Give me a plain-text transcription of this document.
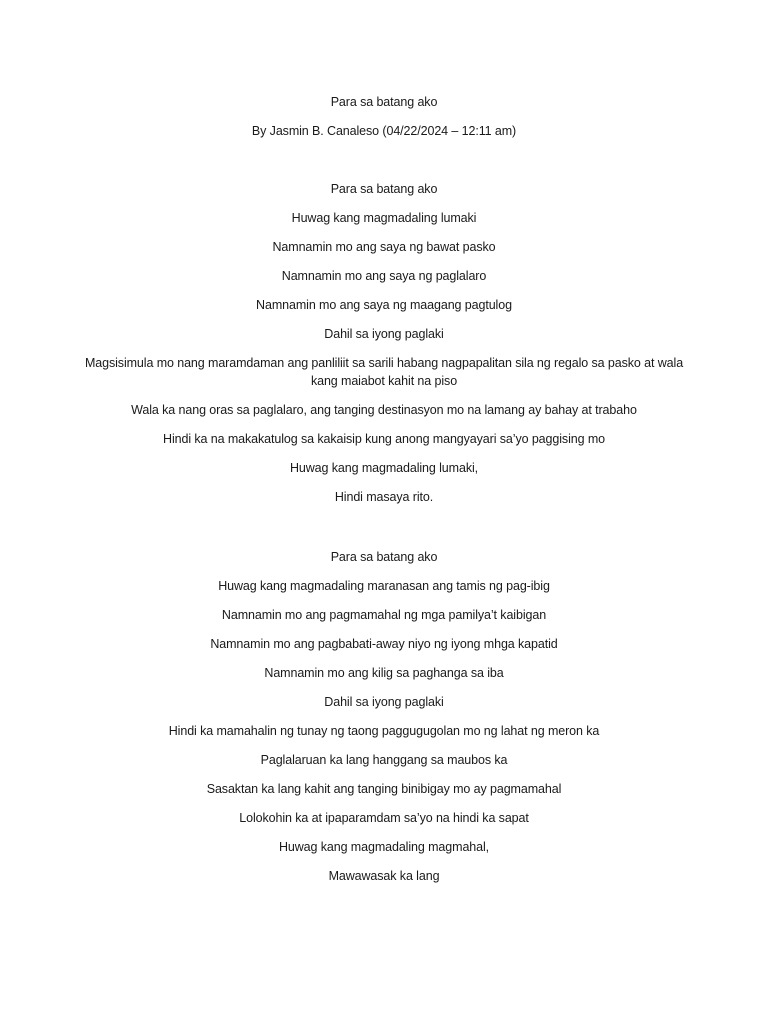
Para sa batang ako

By Jasmin B. Canaleso (04/22/2024 – 12:11 am)

Para sa batang ako

Huwag kang magmadaling lumaki

Namnamin mo ang saya ng bawat pasko

Namnamin mo ang saya ng paglalaro

Namnamin mo ang saya ng maagang pagtulog

Dahil sa iyong paglaki

Magsisimula mo nang maramdaman ang panliliit sa sarili habang nagpapalitan sila ng regalo sa pasko at wala kang maiabot kahit na piso

Wala ka nang oras sa paglalaro, ang tanging destinasyon mo na lamang ay bahay at trabaho

Hindi ka na makakatulog sa kakaisip kung anong mangyayari sa’yo paggising mo

Huwag kang magmadaling lumaki,

Hindi masaya rito.

Para sa batang ako

Huwag kang magmadaling maranasan ang tamis ng pag-ibig

Namnamin mo ang pagmamahal ng mga pamilya’t kaibigan

Namnamin mo ang pagbabati-away niyo ng iyong mhga kapatid

Namnamin mo ang kilig sa paghanga sa iba

Dahil sa iyong paglaki

Hindi ka mamahalin ng tunay ng taong paggugugolan mo ng lahat ng meron ka

Paglalaruan ka lang hanggang sa maubos ka

Sasaktan ka lang kahit ang tanging binibigay mo ay pagmamahal

Lolokohin ka at ipaparamdam sa’yo na hindi ka sapat

Huwag kang magmadaling magmahal,

Mawawasak ka lang
